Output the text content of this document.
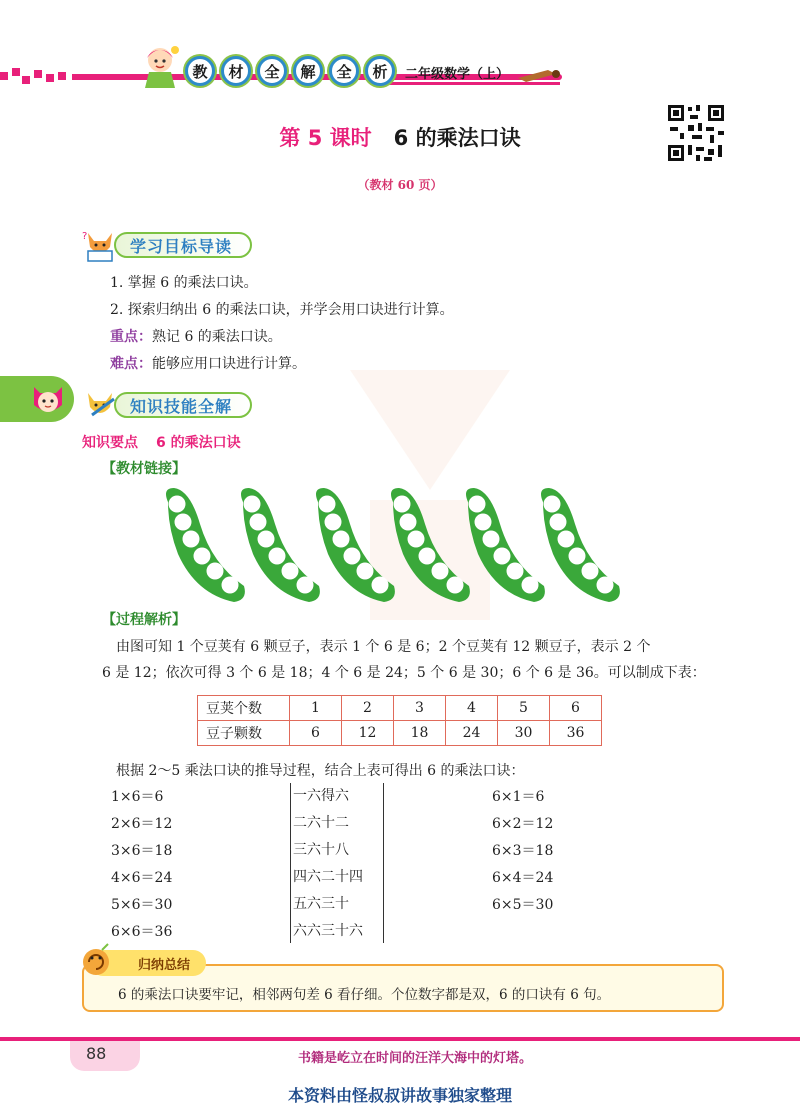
教	材	全	解	全	析	二年级数学（上）
第 5 课时 6 的乘法口诀
（教材 60 页）
?	学习目标导读
1. 掌握 6 的乘法口诀。
2. 探索归纳出 6 的乘法口诀，并学会用口诀进行计算。
重点：熟记 6 的乘法口诀。
难点：能够应用口诀进行计算。
知识技能全解
知识要点 6 的乘法口诀
【教材链接】
【过程解析】
由图可知 1 个豆荚有 6 颗豆子，表示 1 个 6 是 6；2 个豆荚有 12 颗豆子，表示 2 个
6 是 12；依次可得 3 个 6 是 18；4 个 6 是 24；5 个 6 是 30；6 个 6 是 36。可以制成下表：
豆荚个数	1	2	3	4	5	6
豆子颗数	6	12	18	24	30	36
根据 2～5 乘法口诀的推导过程，结合上表可得出 6 的乘法口诀：
1×6＝6
2×6＝12
3×6＝18
4×6＝24
5×6＝30
6×6＝36
一六得六
二六十二
三六十八
四六二十四
五六三十
六六三十六
6×1＝6
6×2＝12
6×3＝18
6×4＝24
6×5＝30
归纳总结
6 的乘法口诀要牢记，相邻两句差 6 看仔细。个位数字都是双，6 的口诀有 6 句。
88	书籍是屹立在时间的汪洋大海中的灯塔。
本资料由怪叔叔讲故事独家整理
